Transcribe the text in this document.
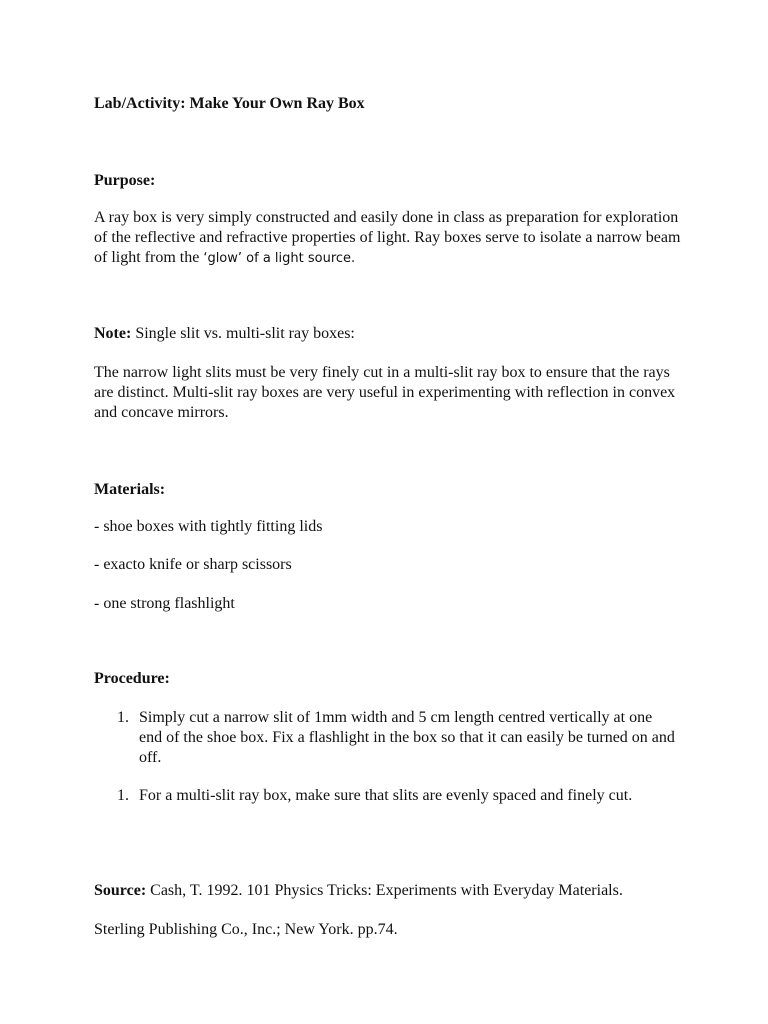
Lab/Activity: Make Your Own Ray Box
Purpose:
A ray box is very simply constructed and easily done in class as preparation for exploration of the reflective and refractive properties of light. Ray boxes serve to isolate a narrow beam of light from the ‘glow’ of a light source.
Note: Single slit vs. multi-slit ray boxes:
The narrow light slits must be very finely cut in a multi-slit ray box to ensure that the rays are distinct. Multi-slit ray boxes are very useful in experimenting with reflection in convex and concave mirrors.
Materials:
- shoe boxes with tightly fitting lids
- exacto knife or sharp scissors
- one strong flashlight
Procedure:
1. Simply cut a narrow slit of 1mm width and 5 cm length centred vertically at one end of the shoe box. Fix a flashlight in the box so that it can easily be turned on and off.
1. For a multi-slit ray box, make sure that slits are evenly spaced and finely cut.
Source: Cash, T. 1992. 101 Physics Tricks: Experiments with Everyday Materials.
Sterling Publishing Co., Inc.; New York. pp.74.
